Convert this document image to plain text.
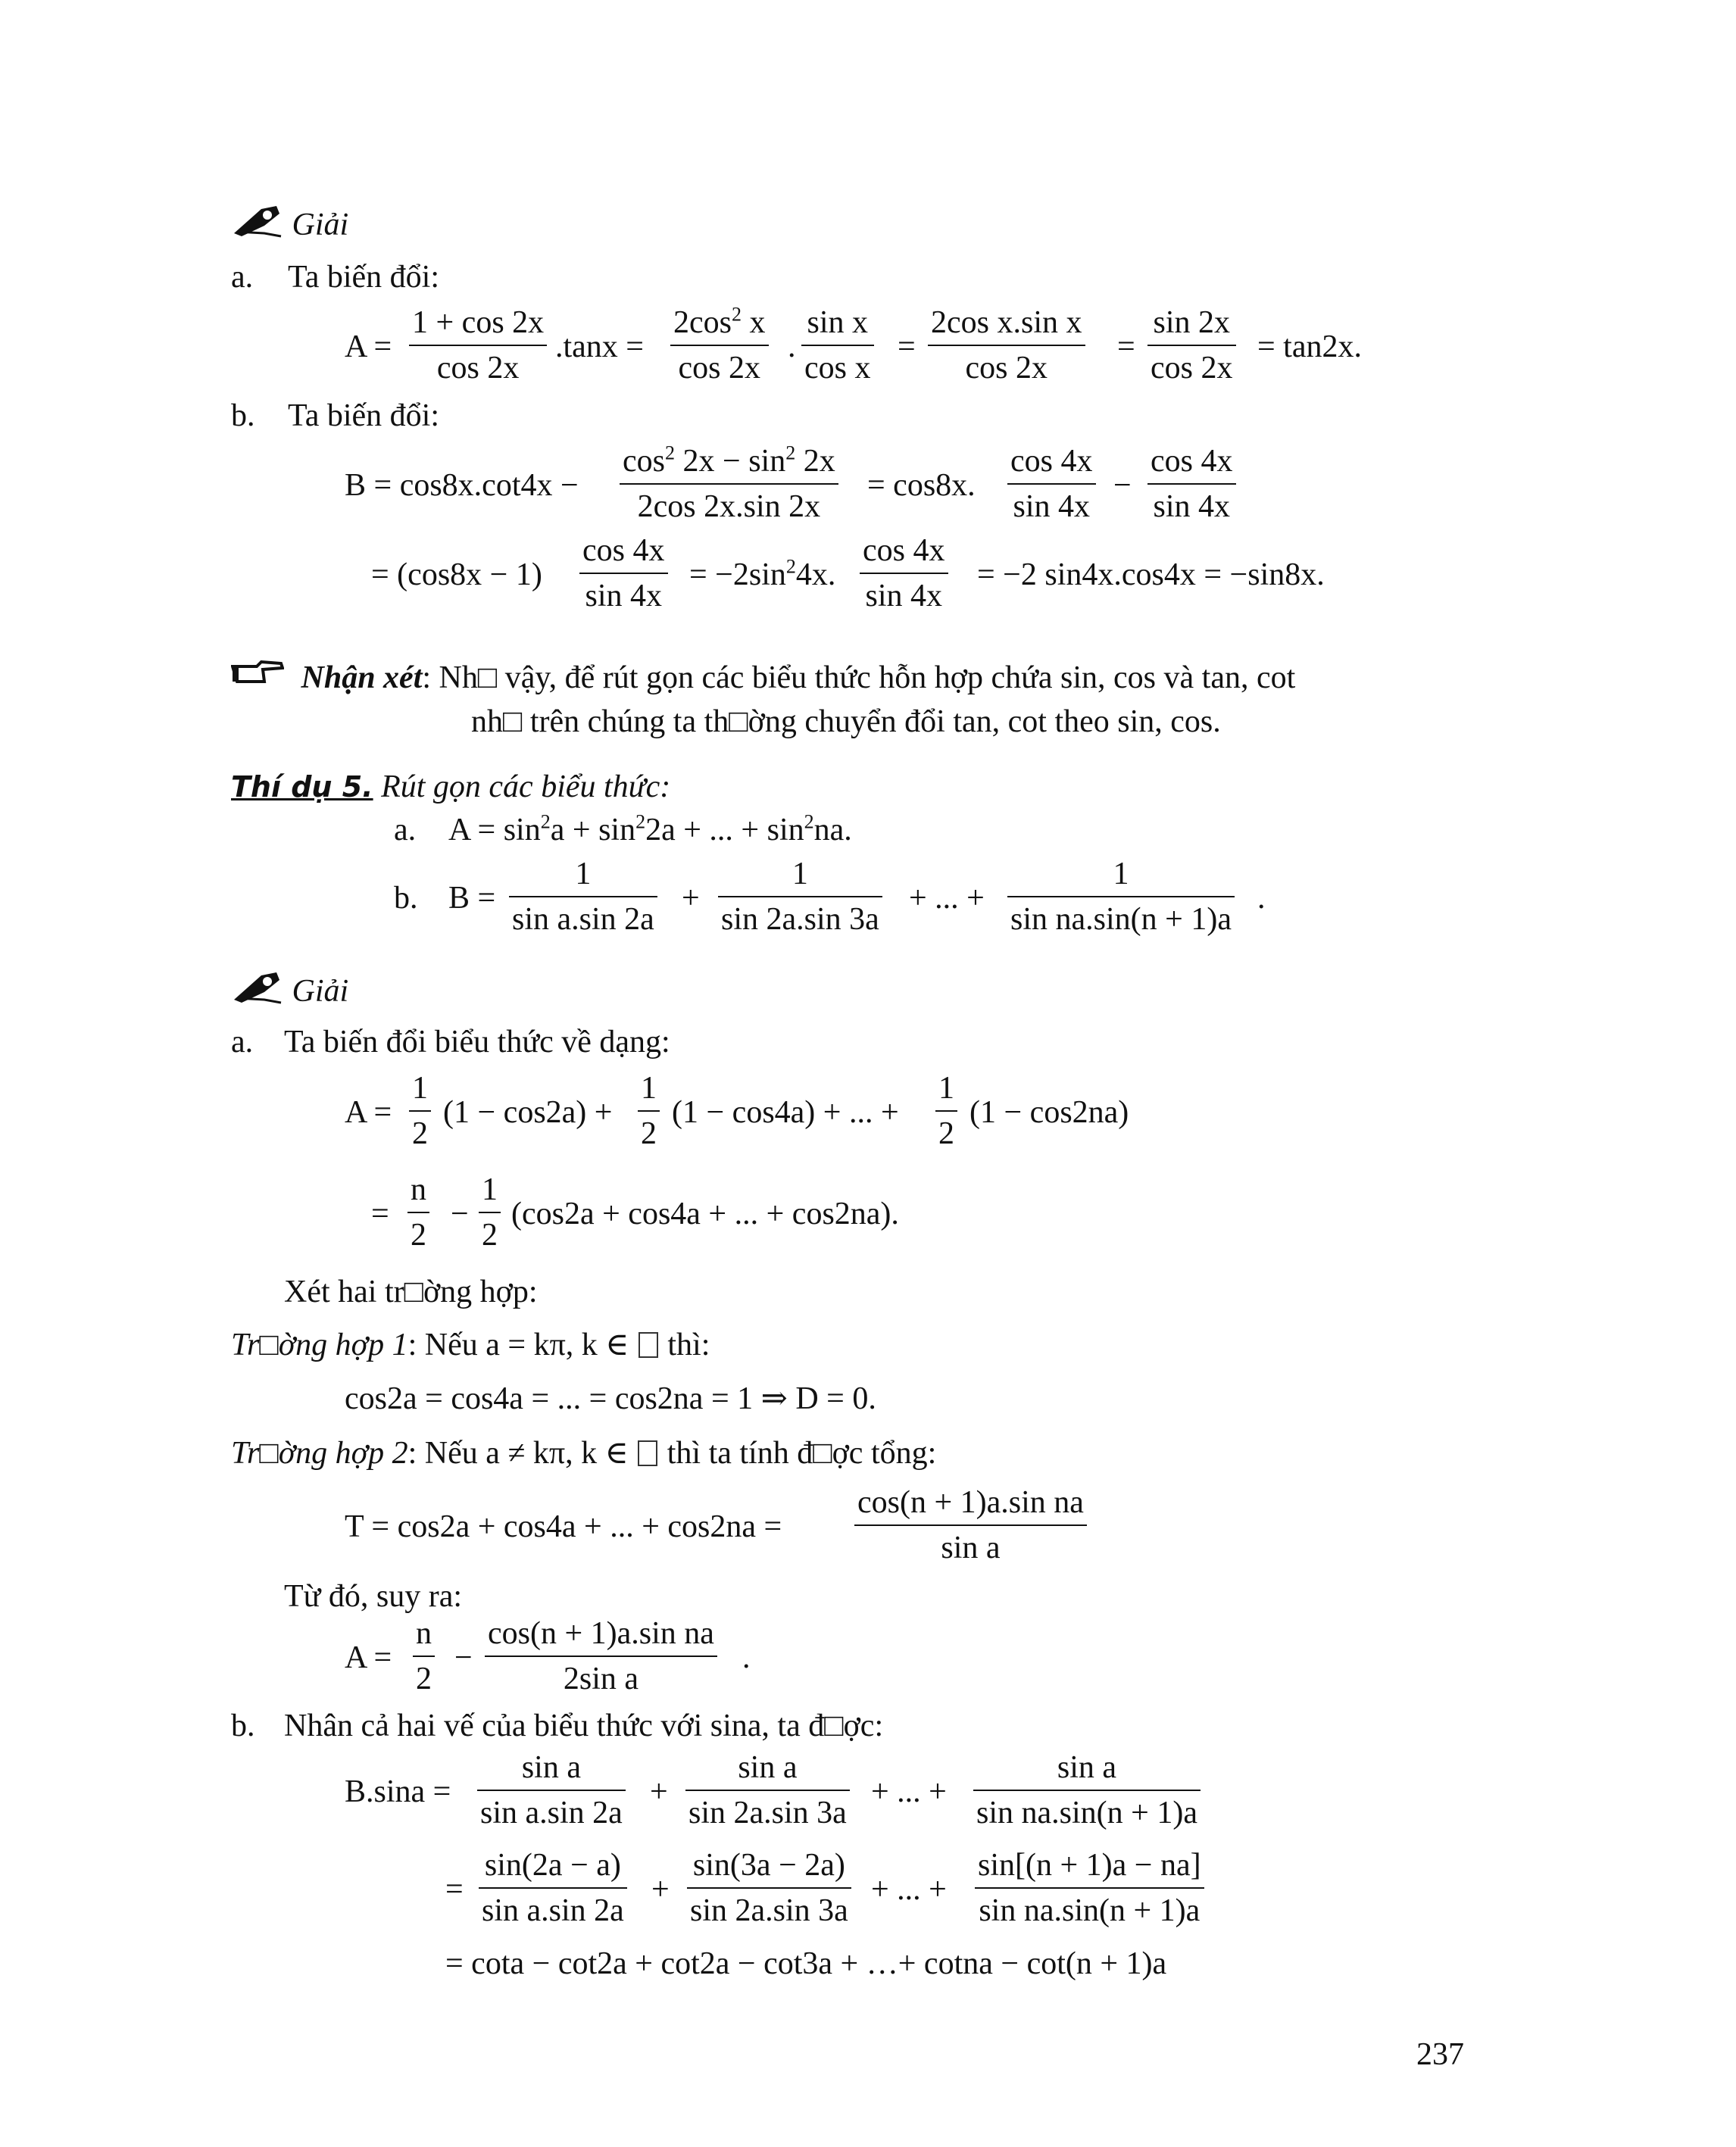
Giải
a. Ta biến đổi:
A =
1 + cos 2x
cos 2x
.tanx =
$2\cos^2$ x
cos 2x
.
sin x
cos x
=
2cos x.sin x
cos 2x
=
sin 2x
cos 2x
= tan2x.
b. Ta biến đổi:
B = cos8x.cot4x −
$\cos^2 2x - \sin^2 2x$
2cos 2x.sin 2x
= cos8x.
cos 4x
sin 4x
−
cos 4x
sin 4x
= (cos8x − 1)
cos 4x
sin 4x
= $-2\sin^24x$.
cos 4x
sin 4x
= −2 sin4x.cos4x = −sin8x.
Nhận xét: Nh□ vậy, để rút gọn các biểu thức hỗn hợp chứa sin, cos và tan, cot
nh□ trên chúng ta th□ờng chuyển đổi tan, cot theo sin, cos.
Thí dụ 5. Rút gọn các biểu thức:
a. $A = \sin^2a + \sin^22a$ + ... + $\sin^2na$.
b. B =
1
sin a.sin 2a
+
1
sin 2a.sin 3a
+ ... +
1
sin na.sin(n + 1)a
.
Giải
a. Ta biến đổi biểu thức về dạng:
A =
1
2
(1 − cos2a) +
1
2
(1 − cos4a) + ... +
1
2
(1 − cos2na)
=
n
2
−
1
2
(cos2a + cos4a + ... + cos2na).
Xét hai tr□ờng hợp:
Tr□ờng hợp 1: Nếu a = kπ, k ∈ thì:
cos2a = cos4a = ... = cos2na = 1 ⇒ D = 0.
Tr□ờng hợp 2: Nếu a ≠ kπ, k ∈ thì ta tính đ□ợc tổng:
T = cos2a + cos4a + ... + cos2na =
cos(n + 1)a.sin na
sin a
Từ đó, suy ra:
A =
n
2
−
cos(n + 1)a.sin na
2sin a
.
b. Nhân cả hai vế của biểu thức với sina, ta đ□ợc:
B.sina =
sin a
sin a.sin 2a
+
sin a
sin 2a.sin 3a
+ ... +
sin a
sin na.sin(n + 1)a
=
sin(2a − a)
sin a.sin 2a
+
sin(3a − 2a)
sin 2a.sin 3a
+ ... +
sin[(n + 1)a − na]
sin na.sin(n + 1)a
= cota − cot2a + cot2a − cot3a + …+ cotna − cot(n + 1)a
237
